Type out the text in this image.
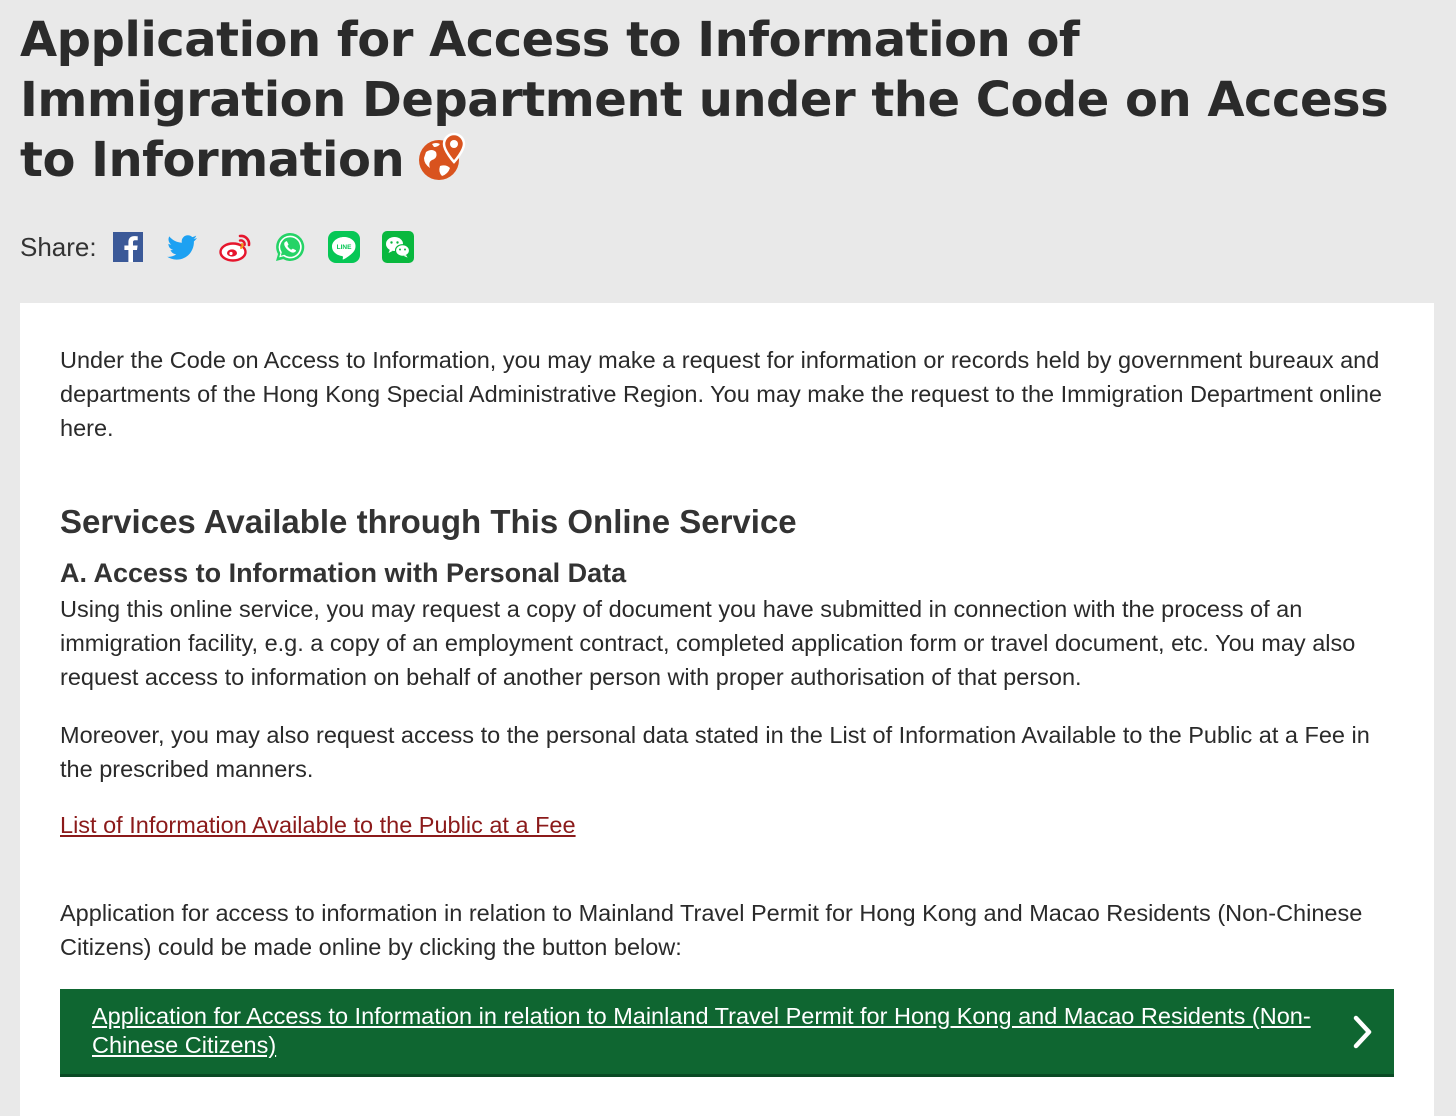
Application for Access to Information of Immigration Department under the Code on Access to Information
Share:	LINE

Under the Code on Access to Information, you may make a request for information or records held by government bureaux and departments of the Hong Kong Special Administrative Region. You may make the request to the Immigration Department online here.

Services Available through This Online Service
A. Access to Information with Personal Data

Using this online service, you may request a copy of document you have submitted in connection with the process of an immigration facility, e.g. a copy of an employment contract, completed application form or travel document, etc. You may also request access to information on behalf of another person with proper authorisation of that person.

Moreover, you may also request access to the personal data stated in the List of Information Available to the Public at a Fee in the prescribed manners.

List of Information Available to the Public at a Fee

Application for access to information in relation to Mainland Travel Permit for Hong Kong and Macao Residents (Non-Chinese Citizens) could be made online by clicking the button below:

Application for Access to Information in relation to Mainland Travel Permit for Hong Kong and Macao Residents (Non-Chinese Citizens)
